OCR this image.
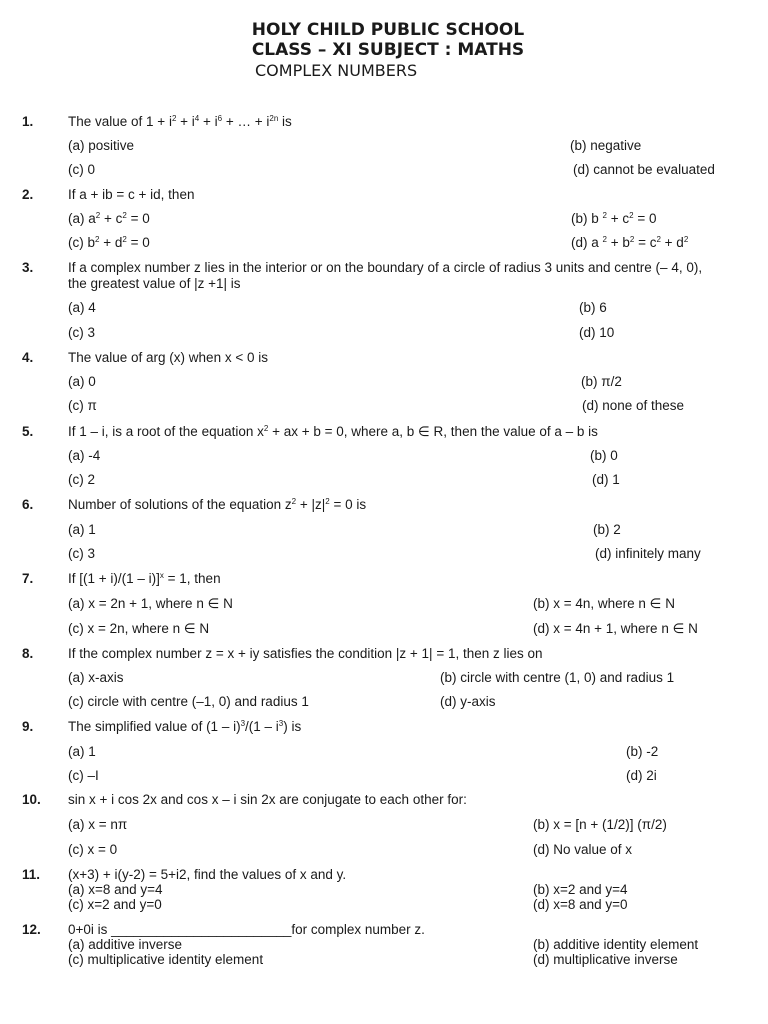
HOLY CHILD PUBLIC SCHOOL
CLASS – XI SUBJECT : MATHS
COMPLEX NUMBERS
1.	The value of $1 + i^2 + i^4 + i^6$ + … + $i^{2n}$ is
(a) positive	(b) negative
(c) 0	(d) cannot be evaluated
2.	If a + ib = c + id, then
(a) $a^2 + c^2 = 0$	(b) b $^2 + c^2 = 0$
(c) $b^2 + d^2 = 0$	(d) a $^2 + b^2 = c^2 + d^2$
3.	If a complex number z lies in the interior or on the boundary of a circle of radius 3 units and centre (– 4, 0),
the greatest value of |z +1| is
(a) 4	(b) 6
(c) 3	(d) 10
4.	The value of arg (x) when x < 0 is
(a) 0	(b) π/2
(c) π	(d) none of these
5.	If 1 – i, is a root of the equation $x^2$ + ax + b = 0, where a, b ∈ R, then the value of a – b is
(a) -4	(b) 0
(c) 2	(d) 1
6.	Number of solutions of the equation $z^2 + |z|^2 = 0$ is
(a) 1	(b) 2
(c) 3	(d) infinitely many
7.	If $[(1 + i)/(1 - i)]^x = 1$, then
(a) x = 2n + 1, where n ∈ N	(b) x = 4n, where n ∈ N
(c) x = 2n, where n ∈ N	(d) x = 4n + 1, where n ∈ N
8.	If the complex number z = x + iy satisfies the condition |z + 1| = 1, then z lies on
(a) x-axis	(b) circle with centre (1, 0) and radius 1
(c) circle with centre (–1, 0) and radius 1	(d) y-axis
9.	The simplified value of $(1 - i)^3/(1 - i^3)$ is
(a) 1	(b) -2
(c) –I	(d) 2i
10. sin x + i cos 2x and cos x – i sin 2x are conjugate to each other for:
(a) x = nπ	(b) x = [n + (1/2)] (π/2)
(c) x = 0	(d) No value of x
11. (x+3) + i(y-2) = 5+i2, find the values of x and y.
(a) x=8 and y=4	(b) x=2 and y=4
(c) x=2 and y=0	(d) x=8 and y=0
12. 0+0i is ________________________for complex number z.
(a) additive inverse	(b) additive identity element
(c) multiplicative identity element	(d) multiplicative inverse
